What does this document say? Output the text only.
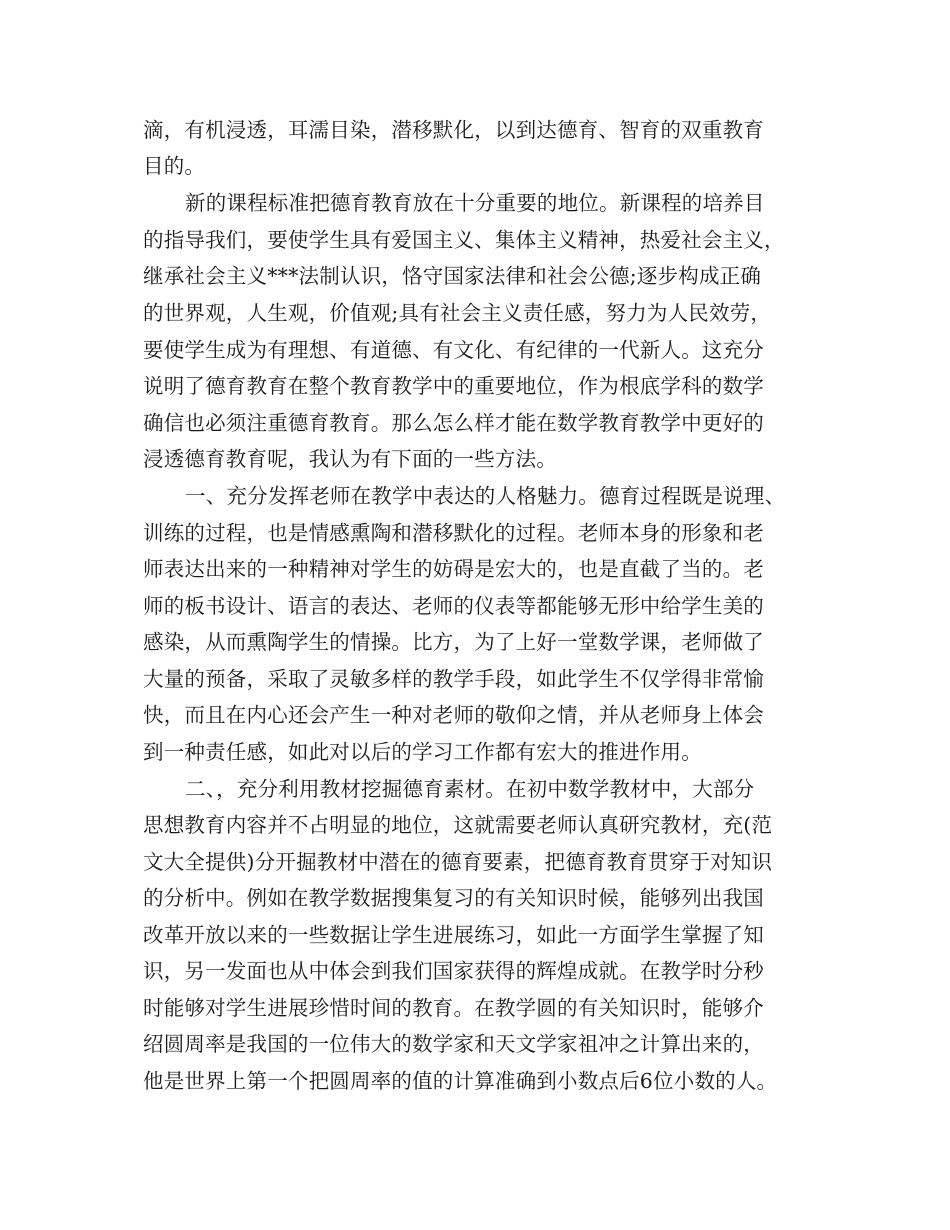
滴，有机浸透，耳濡目染，潜移默化，以到达德育、智育的双重教育

目的。

新的课程标准把德育教育放在十分重要的地位。新课程的培养目

的指导我们，要使学生具有爱国主义、集体主义精神，热爱社会主义，

继承社会主义***法制认识，恪守国家法律和社会公德;逐步构成正确

的世界观，人生观，价值观;具有社会主义责任感，努力为人民效劳，

要使学生成为有理想、有道德、有文化、有纪律的一代新人。这充分

说明了德育教育在整个教育教学中的重要地位，作为根底学科的数学

确信也必须注重德育教育。那么怎么样才能在数学教育教学中更好的

浸透德育教育呢，我认为有下面的一些方法。

一、充分发挥老师在教学中表达的人格魅力。德育过程既是说理、

训练的过程，也是情感熏陶和潜移默化的过程。老师本身的形象和老

师表达出来的一种精神对学生的妨碍是宏大的，也是直截了当的。老

师的板书设计、语言的表达、老师的仪表等都能够无形中给学生美的

感染，从而熏陶学生的情操。比方，为了上好一堂数学课，老师做了

大量的预备，采取了灵敏多样的教学手段，如此学生不仅学得非常愉

快，而且在内心还会产生一种对老师的敬仰之情，并从老师身上体会

到一种责任感，如此对以后的学习工作都有宏大的推进作用。

二、，充分利用教材挖掘德育素材。在初中数学教材中，大部分

思想教育内容并不占明显的地位，这就需要老师认真研究教材，充(范

文大全提供)分开掘教材中潜在的德育要素，把德育教育贯穿于对知识

的分析中。例如在教学数据搜集复习的有关知识时候，能够列出我国

改革开放以来的一些数据让学生进展练习，如此一方面学生掌握了知

识，另一发面也从中体会到我们国家获得的辉煌成就。在教学时分秒

时能够对学生进展珍惜时间的教育。在教学圆的有关知识时，能够介

绍圆周率是我国的一位伟大的数学家和天文学家祖冲之计算出来的，

他是世界上第一个把圆周率的值的计算准确到小数点后6位小数的人。
